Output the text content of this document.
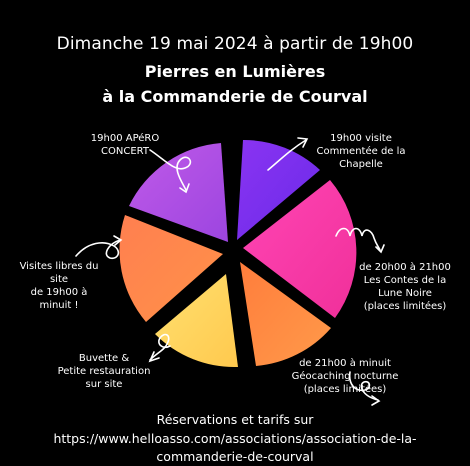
Dimanche 19 mai 2024 à partir de 19h00
Pierres en Lumières
à la Commanderie de Courval
19h00 APéRO
CONCERT
19h00 visite
Commentée de la
Chapelle
Visites libres du
site
de 19h00 à
minuit !
de 20h00 à 21h00
Les Contes de la
Lune Noire
(places limitées)
Buvette &
Petite restauration
sur site
de 21h00 à minuit
Géocaching nocturne
(places limitées)
Réservations et tarifs sur
https://www.helloasso.com/associations/association-de-la-
commanderie-de-courval
